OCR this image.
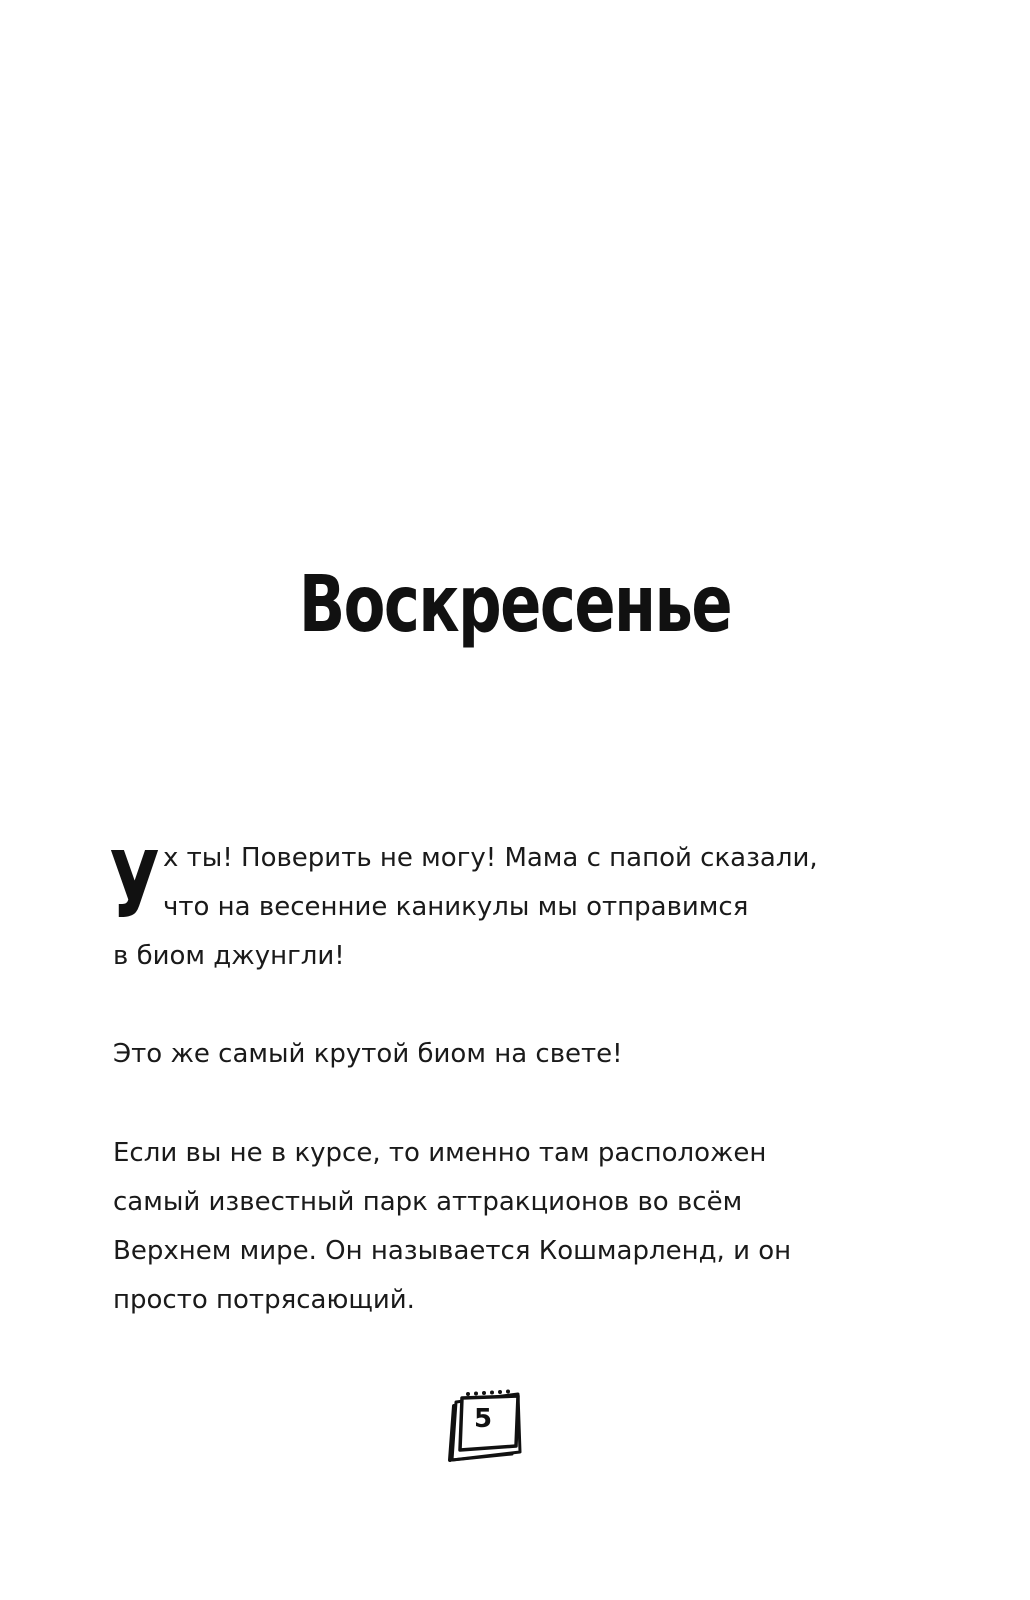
Воскресенье
У х ты! Поверить не могу! Мама с папой сказали,
что на весенние каникулы мы отправимся
в биом джунгли!
Это же самый крутой биом на свете!
Если вы не в курсе, то именно там расположен
самый известный парк аттракционов во всём
Верхнем мире. Он называется Кошмарленд, и он
просто потрясающий.
5
